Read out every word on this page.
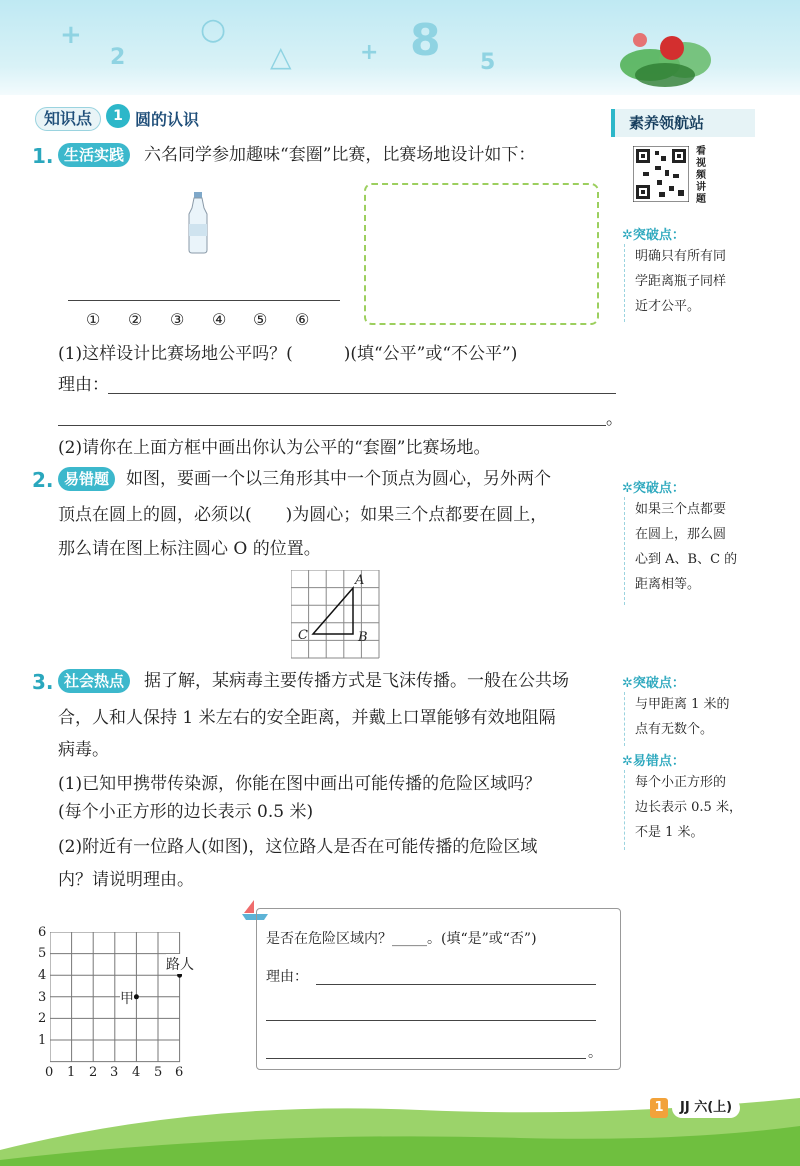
+
2
○
△	+ 8 5
知识点	1 圆的认识	素养领航站
看视频讲题
✲突破点：
明确只有所有同
学距离瓶子同样
近才公平。
✲突破点：
如果三个点都要
在圆上，那么圆
心到 A、B、C 的
距离相等。
✲突破点：
与甲距离 1 米的
点有无数个。
✲易错点：
每个小正方形的
边长表示 0.5 米，
不是 1 米。
1. 生活实践	六名同学参加趣味“套圈”比赛，比赛场地设计如下：
① ② ③ ④ ⑤ ⑥
(1)这样设计比赛场地公平吗？(　　　)(填“公平”或“不公平”)
理由：
。
(2)请你在上面方框中画出你认为公平的“套圈”比赛场地。
2. 易错题 如图，要画一个以三角形其中一个顶点为圆心，另外两个
顶点在圆上的圆，必须以(　　)为圆心；如果三个点都要在圆上，
那么请在图上标注圆心 O 的位置。
A
B
C
3. 社会热点	据了解，某病毒主要传播方式是飞沫传播。一般在公共场
合，人和人保持 1 米左右的安全距离，并戴上口罩能够有效地阻隔
病毒。
(1)已知甲携带传染源，你能在图中画出可能传播的危险区域吗？
(每个小正方形的边长表示 0.5 米)
(2)附近有一位路人(如图)，这位路人是否在可能传播的危险区域
内？请说明理由。
0 1 2 3 4 5 6
1
2
3
4
5
6
甲
路人
是否在危险区域内？_____。(填“是”或“否”)
理由：
。
1	JJ 六(上)
